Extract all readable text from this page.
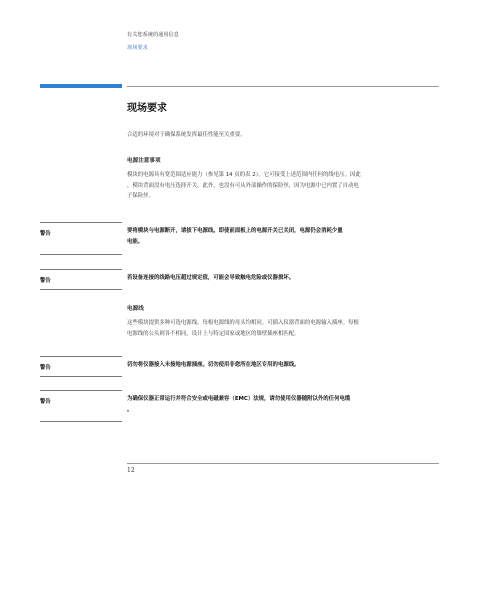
有关您系统的通用信息
现场要求
现场要求
合适的环境对于确保系统发挥最佳性能至关重要。
电源注意事项
模块的电源具有宽范围适应能力（参见第 14 页的表 2）。它可接受上述范围内任何的线电压。因此
，模块背面没有电压选择开关。此外，也没有可从外部操作的保险丝，因为电源中已内置了自动电
子保险丝。
警告	要将模块与电源断开，请拔下电源线。即使前面板上的电源开关已关闭，电源仍会消耗少量
电能。
警告	若设备连接的线路电压超过规定值，可能会导致触电危险或仪器损坏。
电源线
这些模块提供多种可选电源线。每根电源线的母头均相同。可插入仪器背面的电源输入插座。每根
电源线的公头则各不相同，设计上与特定国家或地区的墙壁插座相匹配。
警告	切勿将仪器接入未接地电源插座。切勿使用非您所在地区专用的电源线。
警告	为确保仪器正常运行并符合安全或电磁兼容（EMC）法规，请勿使用仪器随附以外的任何电缆
。
12
